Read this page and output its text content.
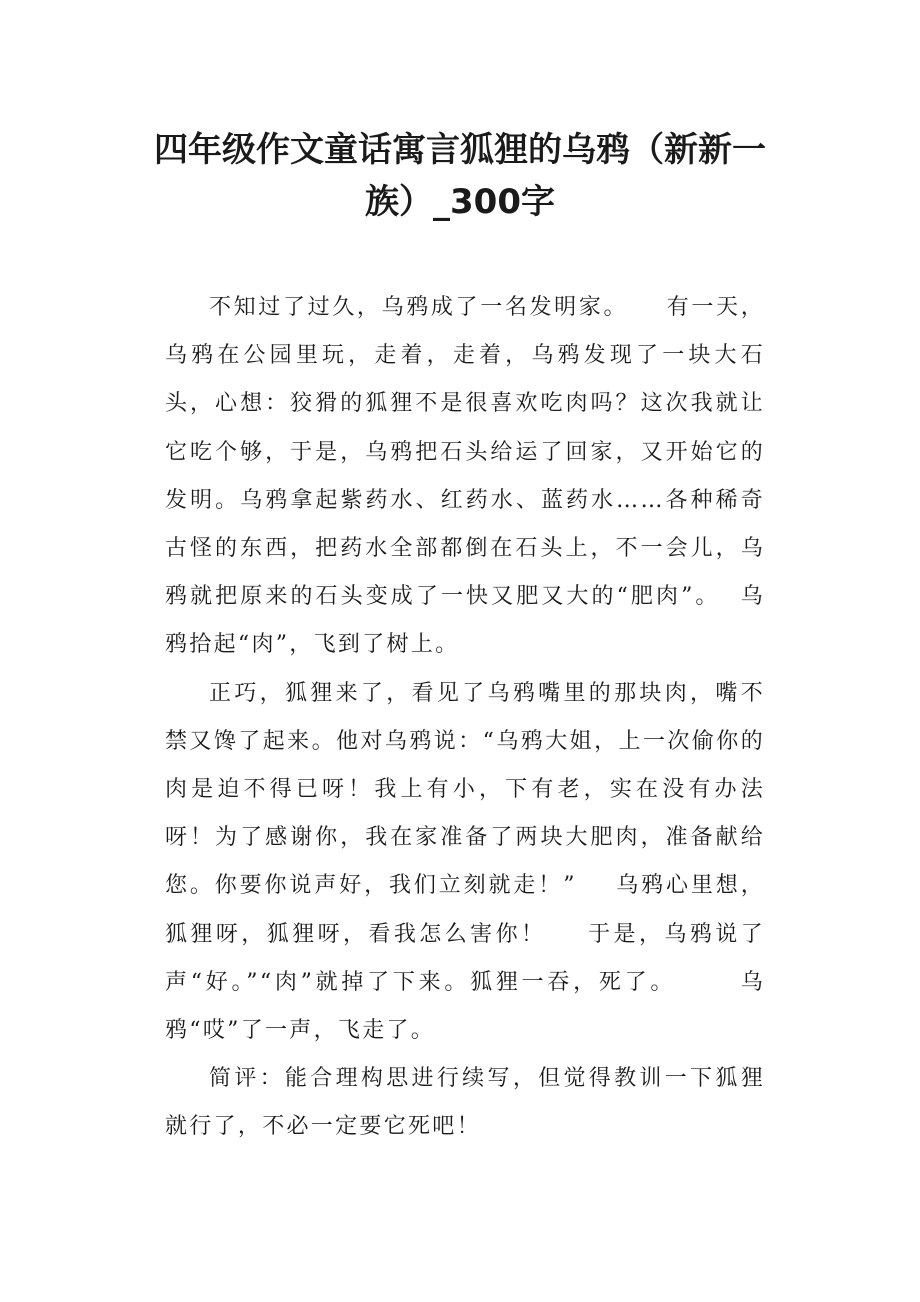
四年级作文童话寓言狐狸的乌鸦（新新一族）_300字

不知过了过久，乌鸦成了一名发明家。    有一天，乌鸦在公园里玩，走着，走着，乌鸦发现了一块大石头，心想：狡猾的狐狸不是很喜欢吃肉吗？这次我就让它吃个够，于是，乌鸦把石头给运了回家，又开始它的发明。乌鸦拿起紫药水、红药水、蓝药水……各种稀奇古怪的东西，把药水全部都倒在石头上，不一会儿，乌鸦就把原来的石头变成了一快又肥又大的“肥肉”。  乌鸦拾起“肉”，飞到了树上。

正巧，狐狸来了，看见了乌鸦嘴里的那块肉，嘴不禁又馋了起来。他对乌鸦说：“乌鸦大姐，上一次偷你的肉是迫不得已呀！我上有小，下有老，实在没有办法呀！为了感谢你，我在家准备了两块大肥肉，准备献给您。你要你说声好，我们立刻就走！”    乌鸦心里想，狐狸呀，狐狸呀，看我怎么害你！    于是，乌鸦说了声“好。”“肉”就掉了下来。狐狸一吞，死了。      乌鸦“哎”了一声，飞走了。

简评：能合理构思进行续写，但觉得教训一下狐狸就行了，不必一定要它死吧！
